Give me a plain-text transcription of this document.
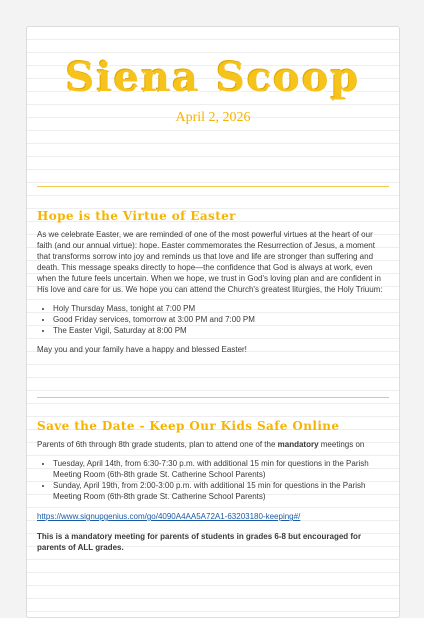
Siena Scoop
April 2, 2026
Hope is the Virtue of Easter

As we celebrate Easter, we are reminded of one of the most powerful virtues at the heart of our faith (and our annual virtue): hope. Easter commemorates the Resurrection of Jesus, a moment that transforms sorrow into joy and reminds us that love and life are stronger than suffering and death. This message speaks directly to hope—the confidence that God is always at work, even when the future feels uncertain. When we hope, we trust in God's loving plan and are confident in His love and care for us. We hope you can attend the Church's greatest liturgies, the Holy Triuum:

• Holy Thursday Mass, tonight at 7:00 PM
• Good Friday services, tomorrow at 3:00 PM and 7:00 PM
• The Easter Vigil, Saturday at 8:00 PM

May you and your family have a happy and blessed Easter!

Save the Date - Keep Our Kids Safe Online

Parents of 6th through 8th grade students, plan to attend one of the mandatory meetings on

• Tuesday, April 14th, from 6:30-7:30 p.m. with additional 15 min for questions in the Parish Meeting Room (6th-8th grade St. Catherine School Parents)
• Sunday, April 19th, from 2:00-3:00 p.m. with additional 15 min for questions in the Parish Meeting Room (6th-8th grade St. Catherine School Parents)
https://www.signupgenius.com/go/4090A4AA5A72A1-63203180-keeping#/

This is a mandatory meeting for parents of students in grades 6-8 but encouraged for parents of ALL grades.
